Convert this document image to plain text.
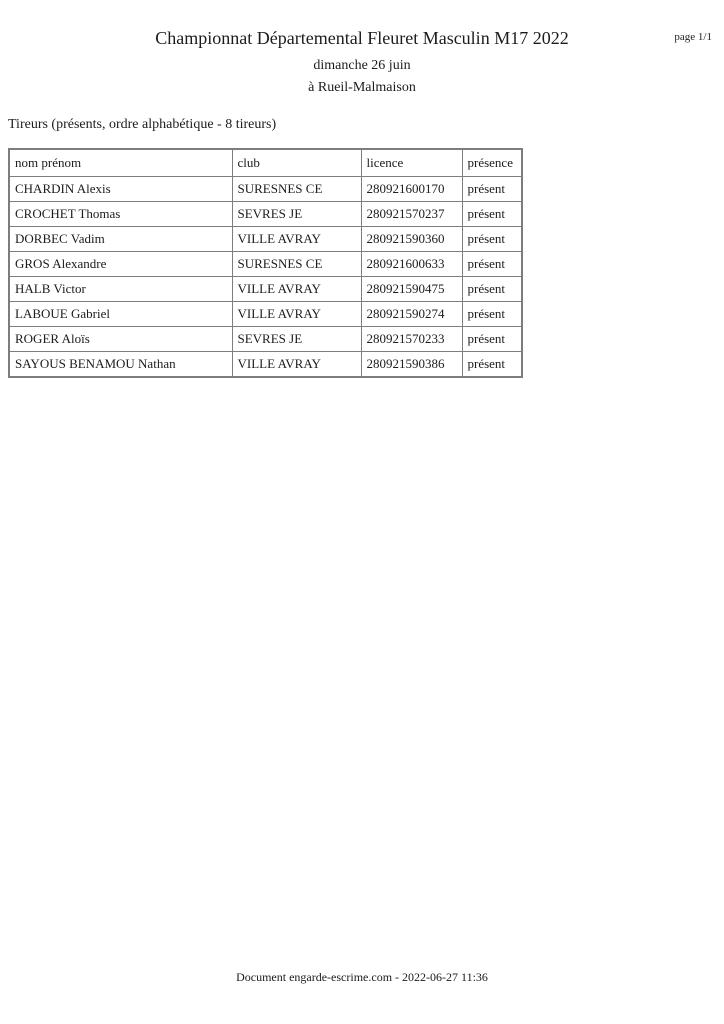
page 1/1
Championnat Départemental Fleuret Masculin M17 2022
dimanche 26 juin
à Rueil-Malmaison
Tireurs (présents, ordre alphabétique - 8 tireurs)
nom prénom	club	licence	présence
CHARDIN Alexis	SURESNES CE	280921600170	présent
CROCHET Thomas	SEVRES JE	280921570237	présent
DORBEC Vadim	VILLE AVRAY	280921590360	présent
GROS Alexandre	SURESNES CE	280921600633	présent
HALB Victor	VILLE AVRAY	280921590475	présent
LABOUE Gabriel	VILLE AVRAY	280921590274	présent
ROGER Aloïs	SEVRES JE	280921570233	présent
SAYOUS BENAMOU Nathan	VILLE AVRAY	280921590386	présent
Document engarde-escrime.com - 2022-06-27 11:36
